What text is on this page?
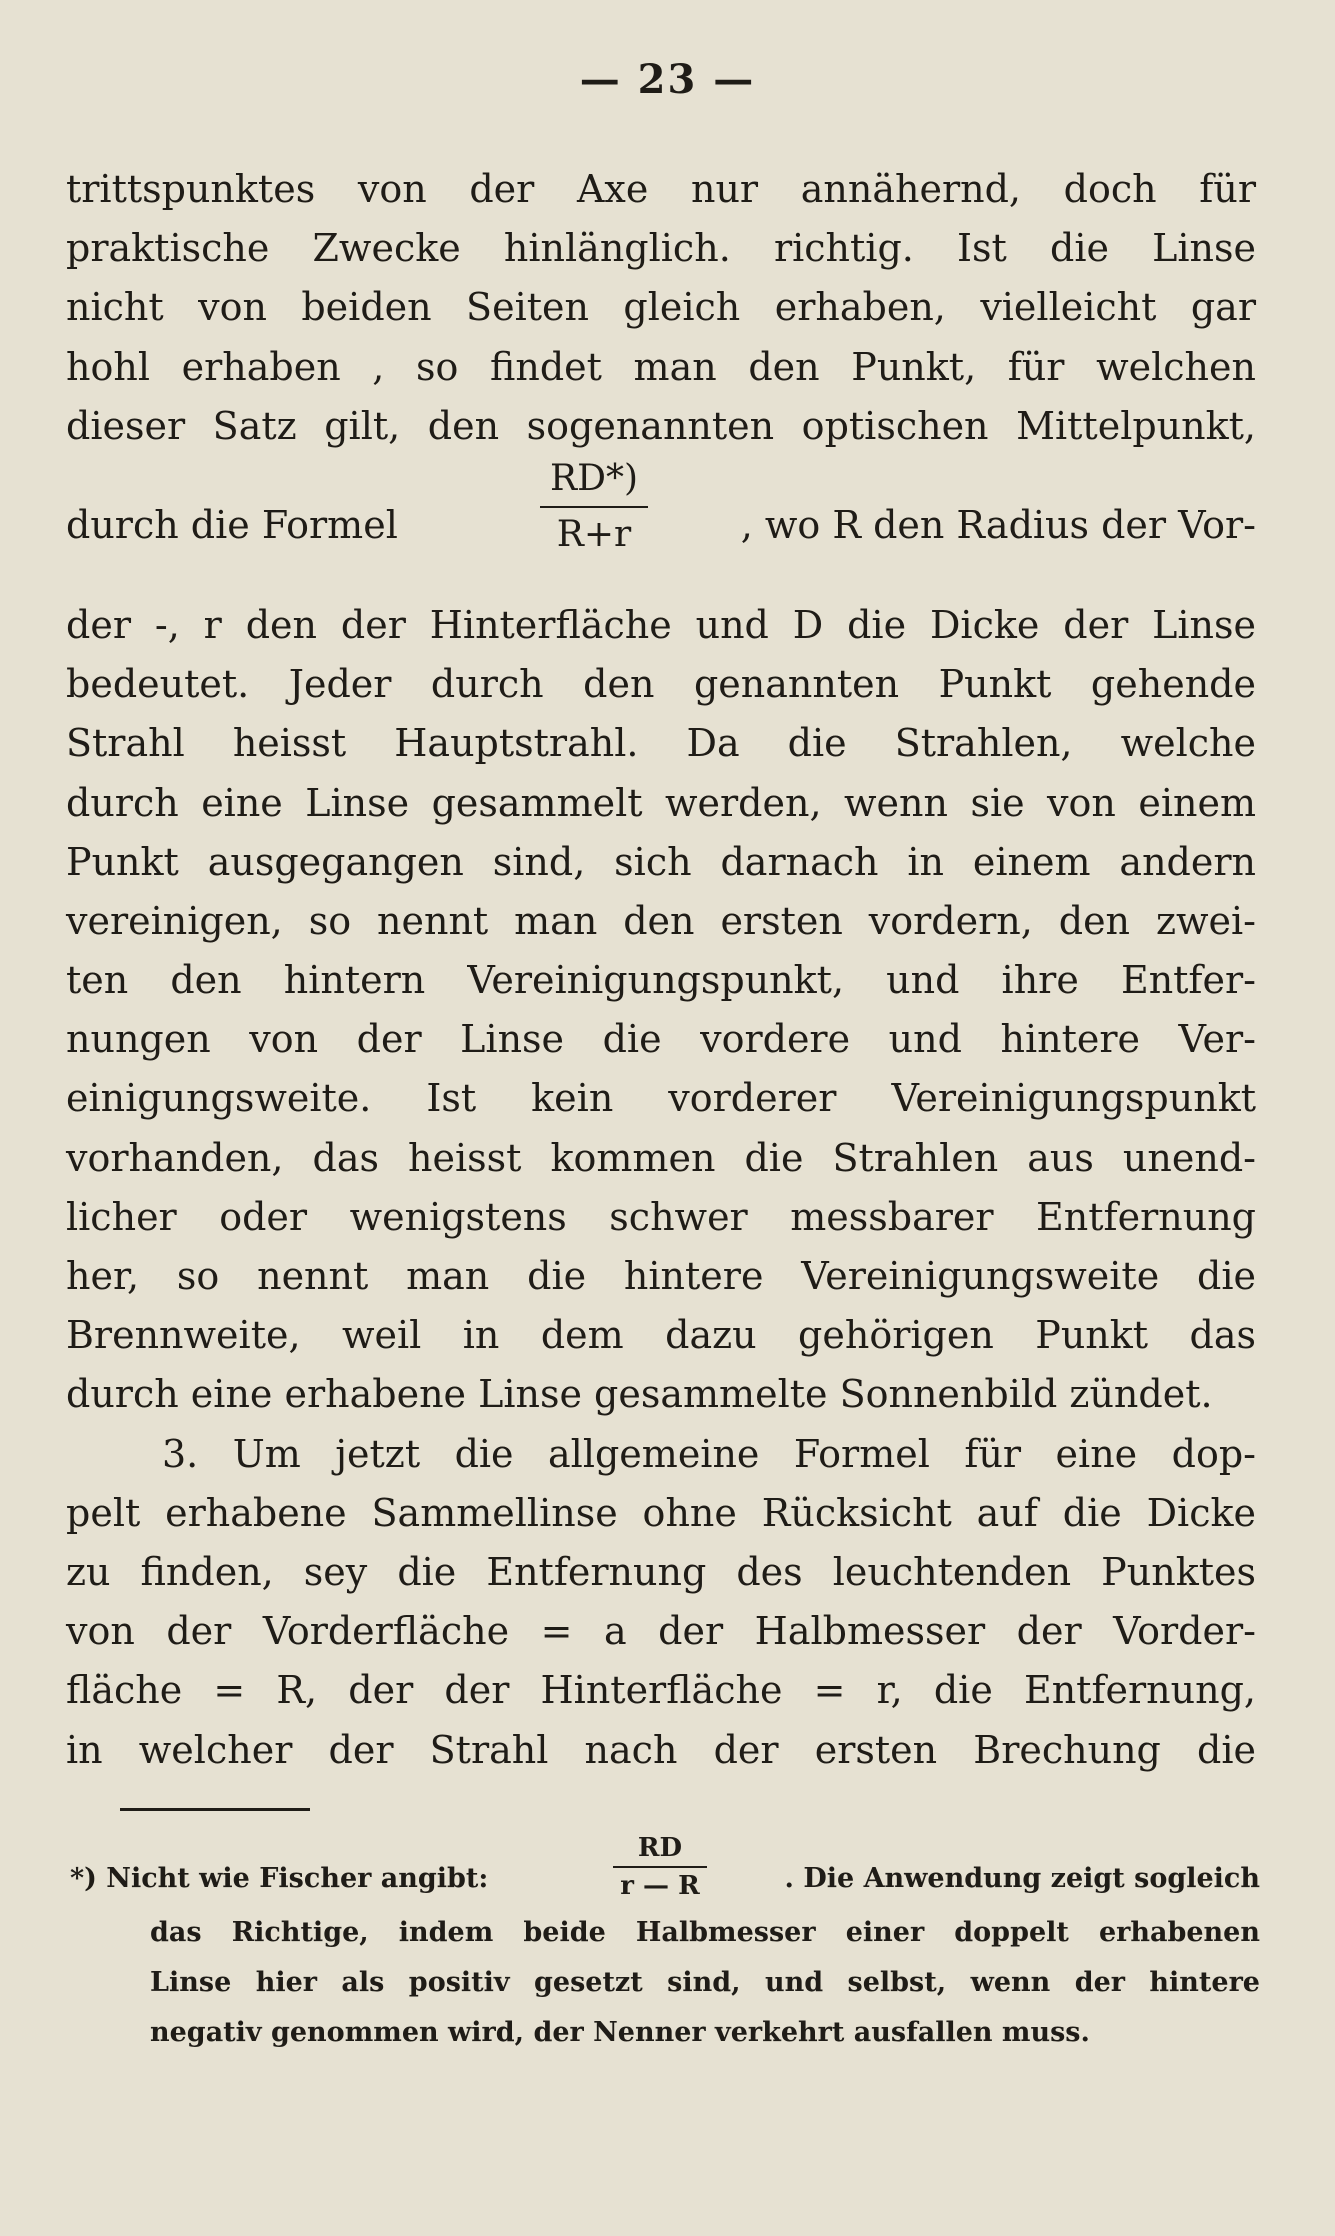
— 23 —
trittspunktes von der Axe nur annähernd, doch für
praktische Zwecke hinlänglich. richtig. Ist die Linse
nicht von beiden Seiten gleich erhaben, vielleicht gar
hohl erhaben , so findet man den Punkt, für welchen
dieser Satz gilt, den sogenannten optischen Mittelpunkt,
durch die Formel
RD*)
R+r	, wo R den Radius der Vor-
der -, r den der Hinterfläche und D die Dicke der Linse
bedeutet. Jeder durch den genannten Punkt gehende
Strahl heisst Hauptstrahl. Da die Strahlen, welche
durch eine Linse gesammelt werden, wenn sie von einem
Punkt ausgegangen sind, sich darnach in einem andern
vereinigen, so nennt man den ersten vordern, den zwei-
ten den hintern Vereinigungspunkt, und ihre Entfer-
nungen von der Linse die vordere und hintere Ver-
einigungsweite. Ist kein vorderer Vereinigungspunkt
vorhanden, das heisst kommen die Strahlen aus unend-
licher oder wenigstens schwer messbarer Entfernung
her, so nennt man die hintere Vereinigungsweite die
Brennweite, weil in dem dazu gehörigen Punkt das
durch eine erhabene Linse gesammelte Sonnenbild zündet.
3. Um jetzt die allgemeine Formel für eine dop-
pelt erhabene Sammellinse ohne Rücksicht auf die Dicke
zu finden, sey die Entfernung des leuchtenden Punktes
von der Vorderfläche = a der Halbmesser der Vorder-
fläche = R, der der Hinterfläche = r, die Entfernung,
in welcher der Strahl nach der ersten Brechung die
*) Nicht wie Fischer angibt:
RD
r — R	. Die Anwendung zeigt sogleich
das Richtige, indem beide Halbmesser einer doppelt erhabenen
Linse hier als positiv gesetzt sind, und selbst, wenn der hintere
negativ genommen wird, der Nenner verkehrt ausfallen muss.
